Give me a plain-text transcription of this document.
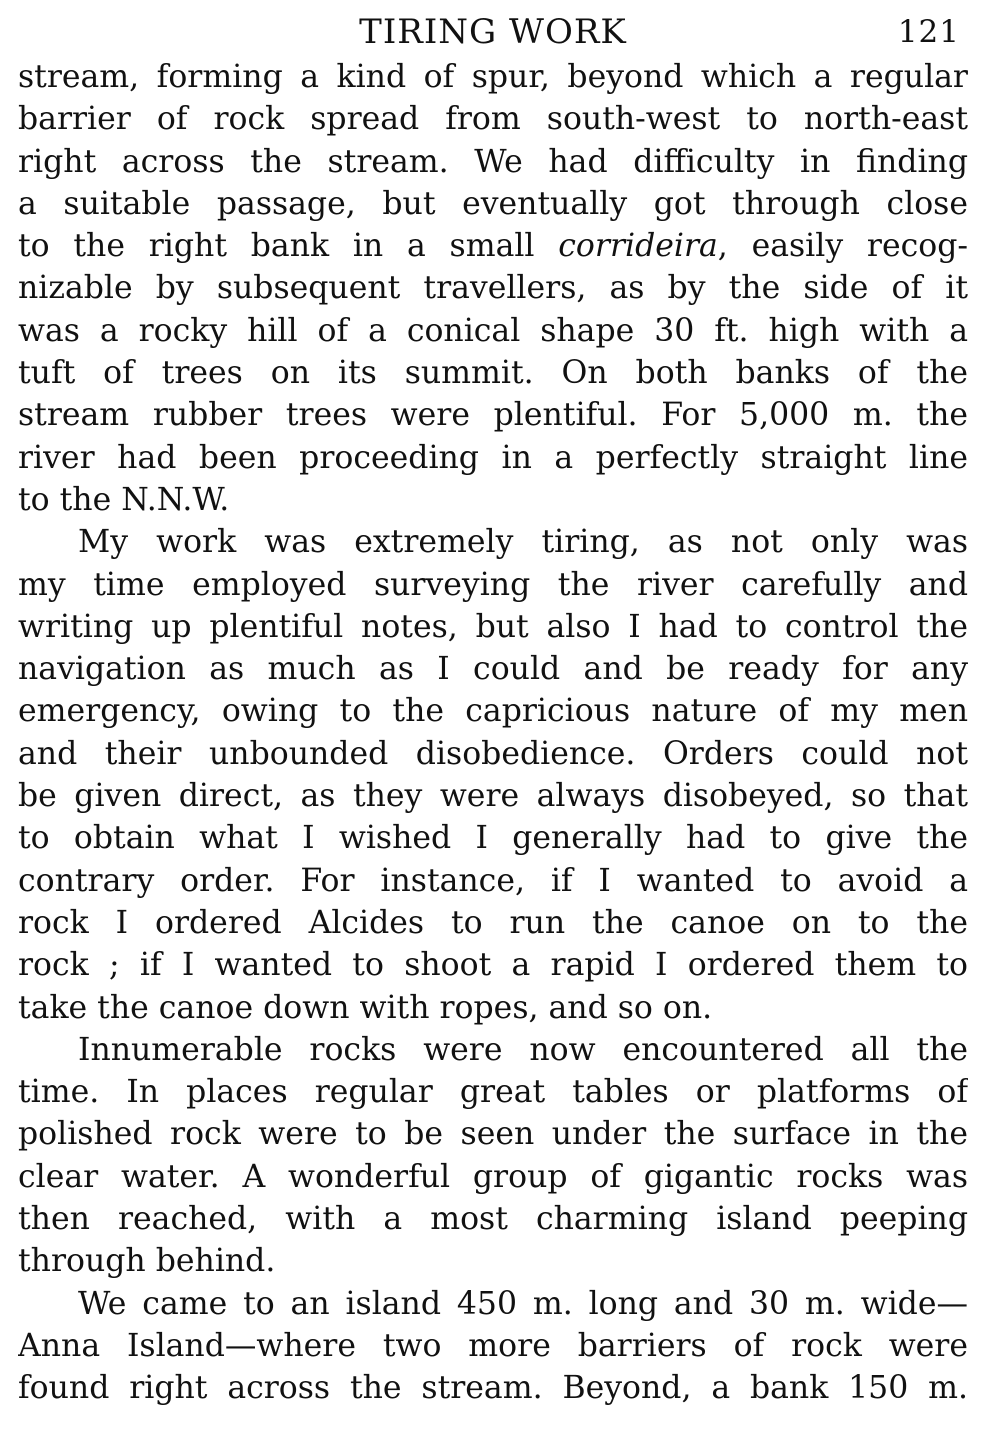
TIRING WORK	121

stream, forming a kind of spur, beyond which a regular
barrier of rock spread from south-west to north-east
right across the stream. We had difficulty in finding
a suitable passage, but eventually got through close
to the right bank in a small corrideira, easily recog-
nizable by subsequent travellers, as by the side of it
was a rocky hill of a conical shape 30 ft. high with a
tuft of trees on its summit. On both banks of the
stream rubber trees were plentiful. For 5,000 m. the
river had been proceeding in a perfectly straight line
to the N.N.W.

My work was extremely tiring, as not only was
my time employed surveying the river carefully and
writing up plentiful notes, but also I had to control the
navigation as much as I could and be ready for any
emergency, owing to the capricious nature of my men
and their unbounded disobedience. Orders could not
be given direct, as they were always disobeyed, so that
to obtain what I wished I generally had to give the
contrary order. For instance, if I wanted to avoid a
rock I ordered Alcides to run the canoe on to the
rock ; if I wanted to shoot a rapid I ordered them to
take the canoe down with ropes, and so on.

Innumerable rocks were now encountered all the
time. In places regular great tables or platforms of
polished rock were to be seen under the surface in the
clear water. A wonderful group of gigantic rocks was
then reached, with a most charming island peeping
through behind.

We came to an island 450 m. long and 30 m. wide—
Anna Island—where two more barriers of rock were
found right across the stream. Beyond, a bank 150 m.
